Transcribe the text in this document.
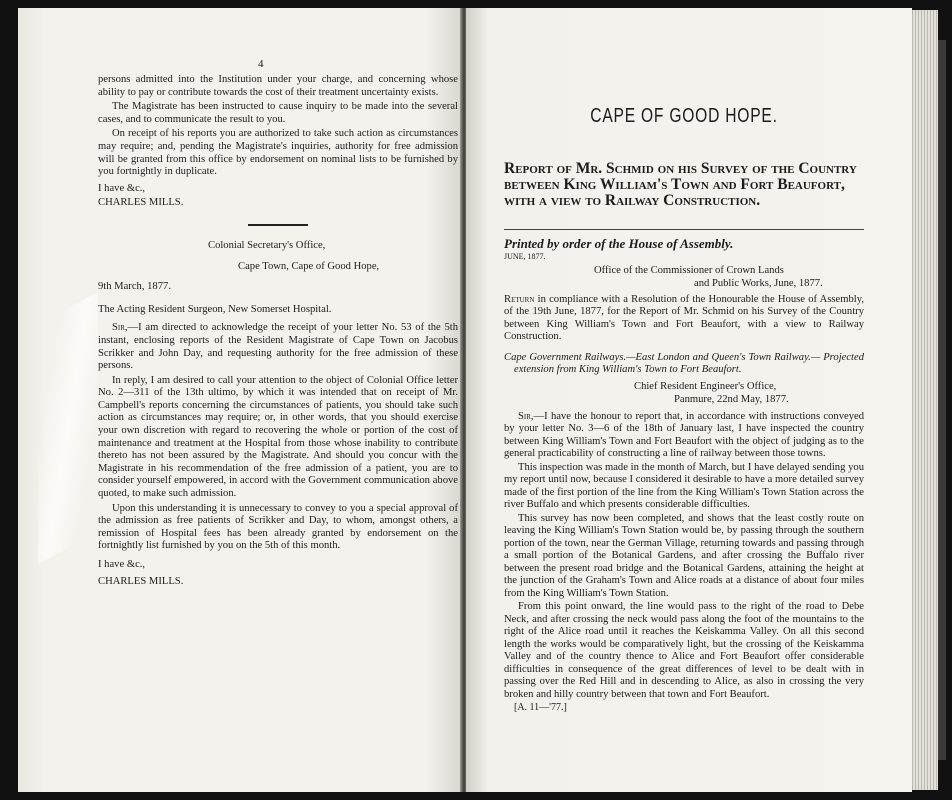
4

persons admitted into the Institution under your charge, and concerning whose ability to pay or contribute towards the cost of their treatment uncertainty exists.

The Magistrate has been instructed to cause inquiry to be made into the several cases, and to communicate the result to you.

On receipt of his reports you are authorized to take such action as circumstances may require; and, pending the Magistrate's inquiries, authority for free admission will be granted from this office by endorsement on nominal lists to be furnished by you fortnightly in duplicate.

I have &c.,

CHARLES MILLS.

Colonial Secretary's Office,

Cape Town, Cape of Good Hope,

9th March, 1877.

The Acting Resident Surgeon, New Somerset Hospital.

Sir,—I am directed to acknowledge the receipt of your letter No. 53 of the 5th instant, enclosing reports of the Resident Magistrate of Cape Town on Jacobus Scrikker and John Day, and requesting authority for the free admission of these persons.

In reply, I am desired to call your attention to the object of Colonial Office letter No. 2—311 of the 13th ultimo, by which it was intended that on receipt of Mr. Campbell's reports concerning the circumstances of patients, you should take such action as circumstances may require; or, in other words, that you should exercise your own discretion with regard to recovering the whole or portion of the cost of maintenance and treatment at the Hospital from those whose inability to contribute thereto has not been assured by the Magistrate. And should you concur with the Magistrate in his recommendation of the free admission of a patient, you are to consider yourself empowered, in accord with the Government communication above quoted, to make such admission.

Upon this understanding it is unnecessary to convey to you a special approval of the admission as free patients of Scrikker and Day, to whom, amongst others, a remission of Hospital fees has been already granted by endorsement on the fortnightly list furnished by you on the 5th of this month.

I have &c.,

CHARLES MILLS.

CAPE OF GOOD HOPE.
Report of Mr. Schmid on his Survey of the Country between King William's Town and Fort Beaufort, with a view to Railway Construction.

Printed by order of the House of Assembly.

JUNE, 1877.

Office of the Commissioner of Crown Lands

and Public Works, June, 1877.

Return in compliance with a Resolution of the Honourable the House of Assembly, of the 19th June, 1877, for the Report of Mr. Schmid on his Survey of the Country between King William's Town and Fort Beaufort, with a view to Railway Construction.

Cape Government Railways.—East London and Queen's Town Railway.— Projected extension from King William's Town to Fort Beaufort.

Chief Resident Engineer's Office,

Panmure, 22nd May, 1877.

Sir,—I have the honour to report that, in accordance with instructions conveyed by your letter No. 3—6 of the 18th of January last, I have inspected the country between King William's Town and Fort Beaufort with the object of judging as to the general practicability of constructing a line of railway between those towns.

This inspection was made in the month of March, but I have delayed sending you my report until now, because I considered it desirable to have a more detailed survey made of the first portion of the line from the King William's Town Station across the river Buffalo and which presents considerable difficulties.

This survey has now been completed, and shows that the least costly route on leaving the King William's Town Station would be, by passing through the southern portion of the town, near the German Village, returning towards and passing through a small portion of the Botanical Gardens, and after crossing the Buffalo river between the present road bridge and the Botanical Gardens, attaining the height at the junction of the Graham's Town and Alice roads at a distance of about four miles from the King William's Town Station.

From this point onward, the line would pass to the right of the road to Debe Neck, and after crossing the neck would pass along the foot of the mountains to the right of the Alice road until it reaches the Keiskamma Valley. On all this second length the works would be comparatively light, but the crossing of the Keiskamma Valley and of the country thence to Alice and Fort Beaufort offer considerable difficulties in consequence of the great differences of level to be dealt with in passing over the Red Hill and in descending to Alice, as also in crossing the very broken and hilly country between that town and Fort Beaufort.

[A. 11—'77.]
